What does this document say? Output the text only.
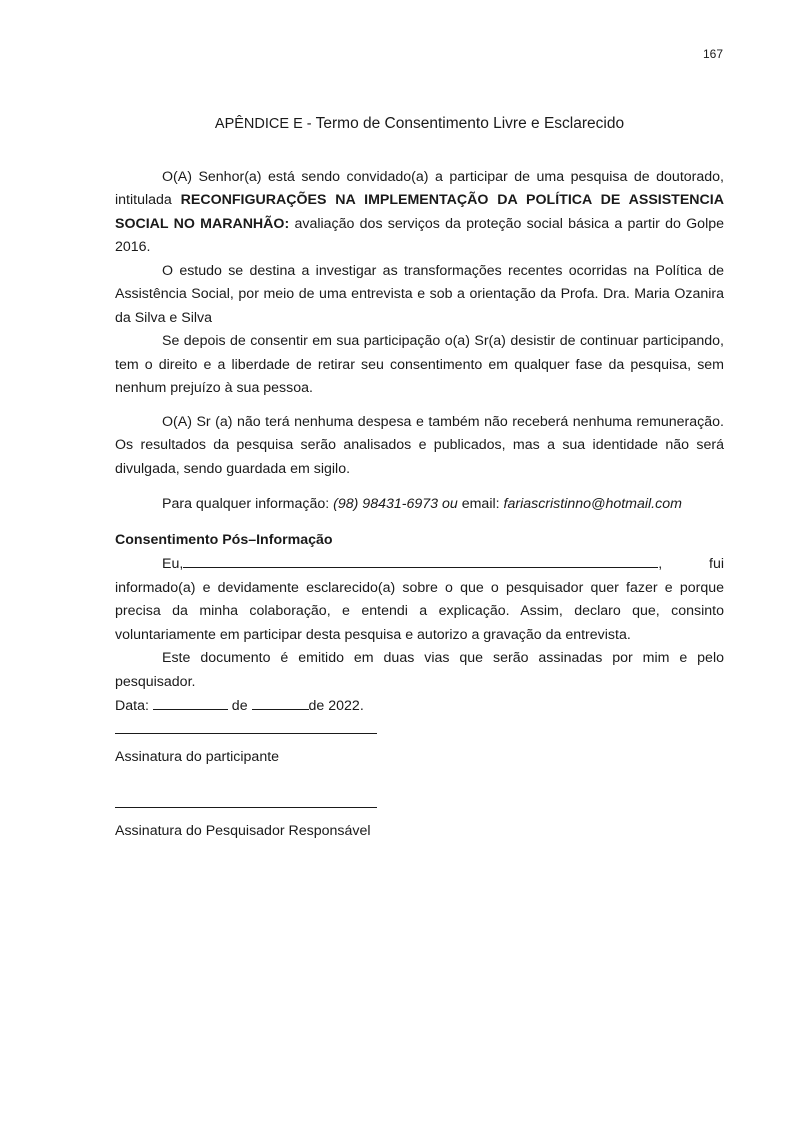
167
APÊNDICE E - Termo de Consentimento Livre e Esclarecido

O(A) Senhor(a) está sendo convidado(a) a participar de uma pesquisa de doutorado, intitulada RECONFIGURAÇÕES NA IMPLEMENTAÇÃO DA POLÍTICA DE ASSISTENCIA SOCIAL NO MARANHÃO: avaliação dos serviços da proteção social básica a partir do Golpe 2016.

O estudo se destina a investigar as transformações recentes ocorridas na Política de Assistência Social, por meio de uma entrevista e sob a orientação da Profa. Dra. Maria Ozanira da Silva e Silva

Se depois de consentir em sua participação o(a) Sr(a) desistir de continuar participando, tem o direito e a liberdade de retirar seu consentimento em qualquer fase da pesquisa, sem nenhum prejuízo à sua pessoa.

O(A) Sr (a) não terá nenhuma despesa e também não receberá nenhuma remuneração. Os resultados da pesquisa serão analisados e publicados, mas a sua identidade não será divulgada, sendo guardada em sigilo.

Para qualquer informação: (98) 98431-6973 ou email: fariascristinno@hotmail.com

Consentimento Pós–Informação

Eu,	,	fui

informado(a) e devidamente esclarecido(a) sobre o que o pesquisador quer fazer e porque precisa da minha colaboração, e entendi a explicação. Assim, declaro que, consinto voluntariamente em participar desta pesquisa e autorizo a gravação da entrevista.

Este documento é emitido em duas vias que serão assinadas por mim e pelo pesquisador.

Data:	de	de 2022.
Assinatura do participante
Assinatura do Pesquisador Responsável
